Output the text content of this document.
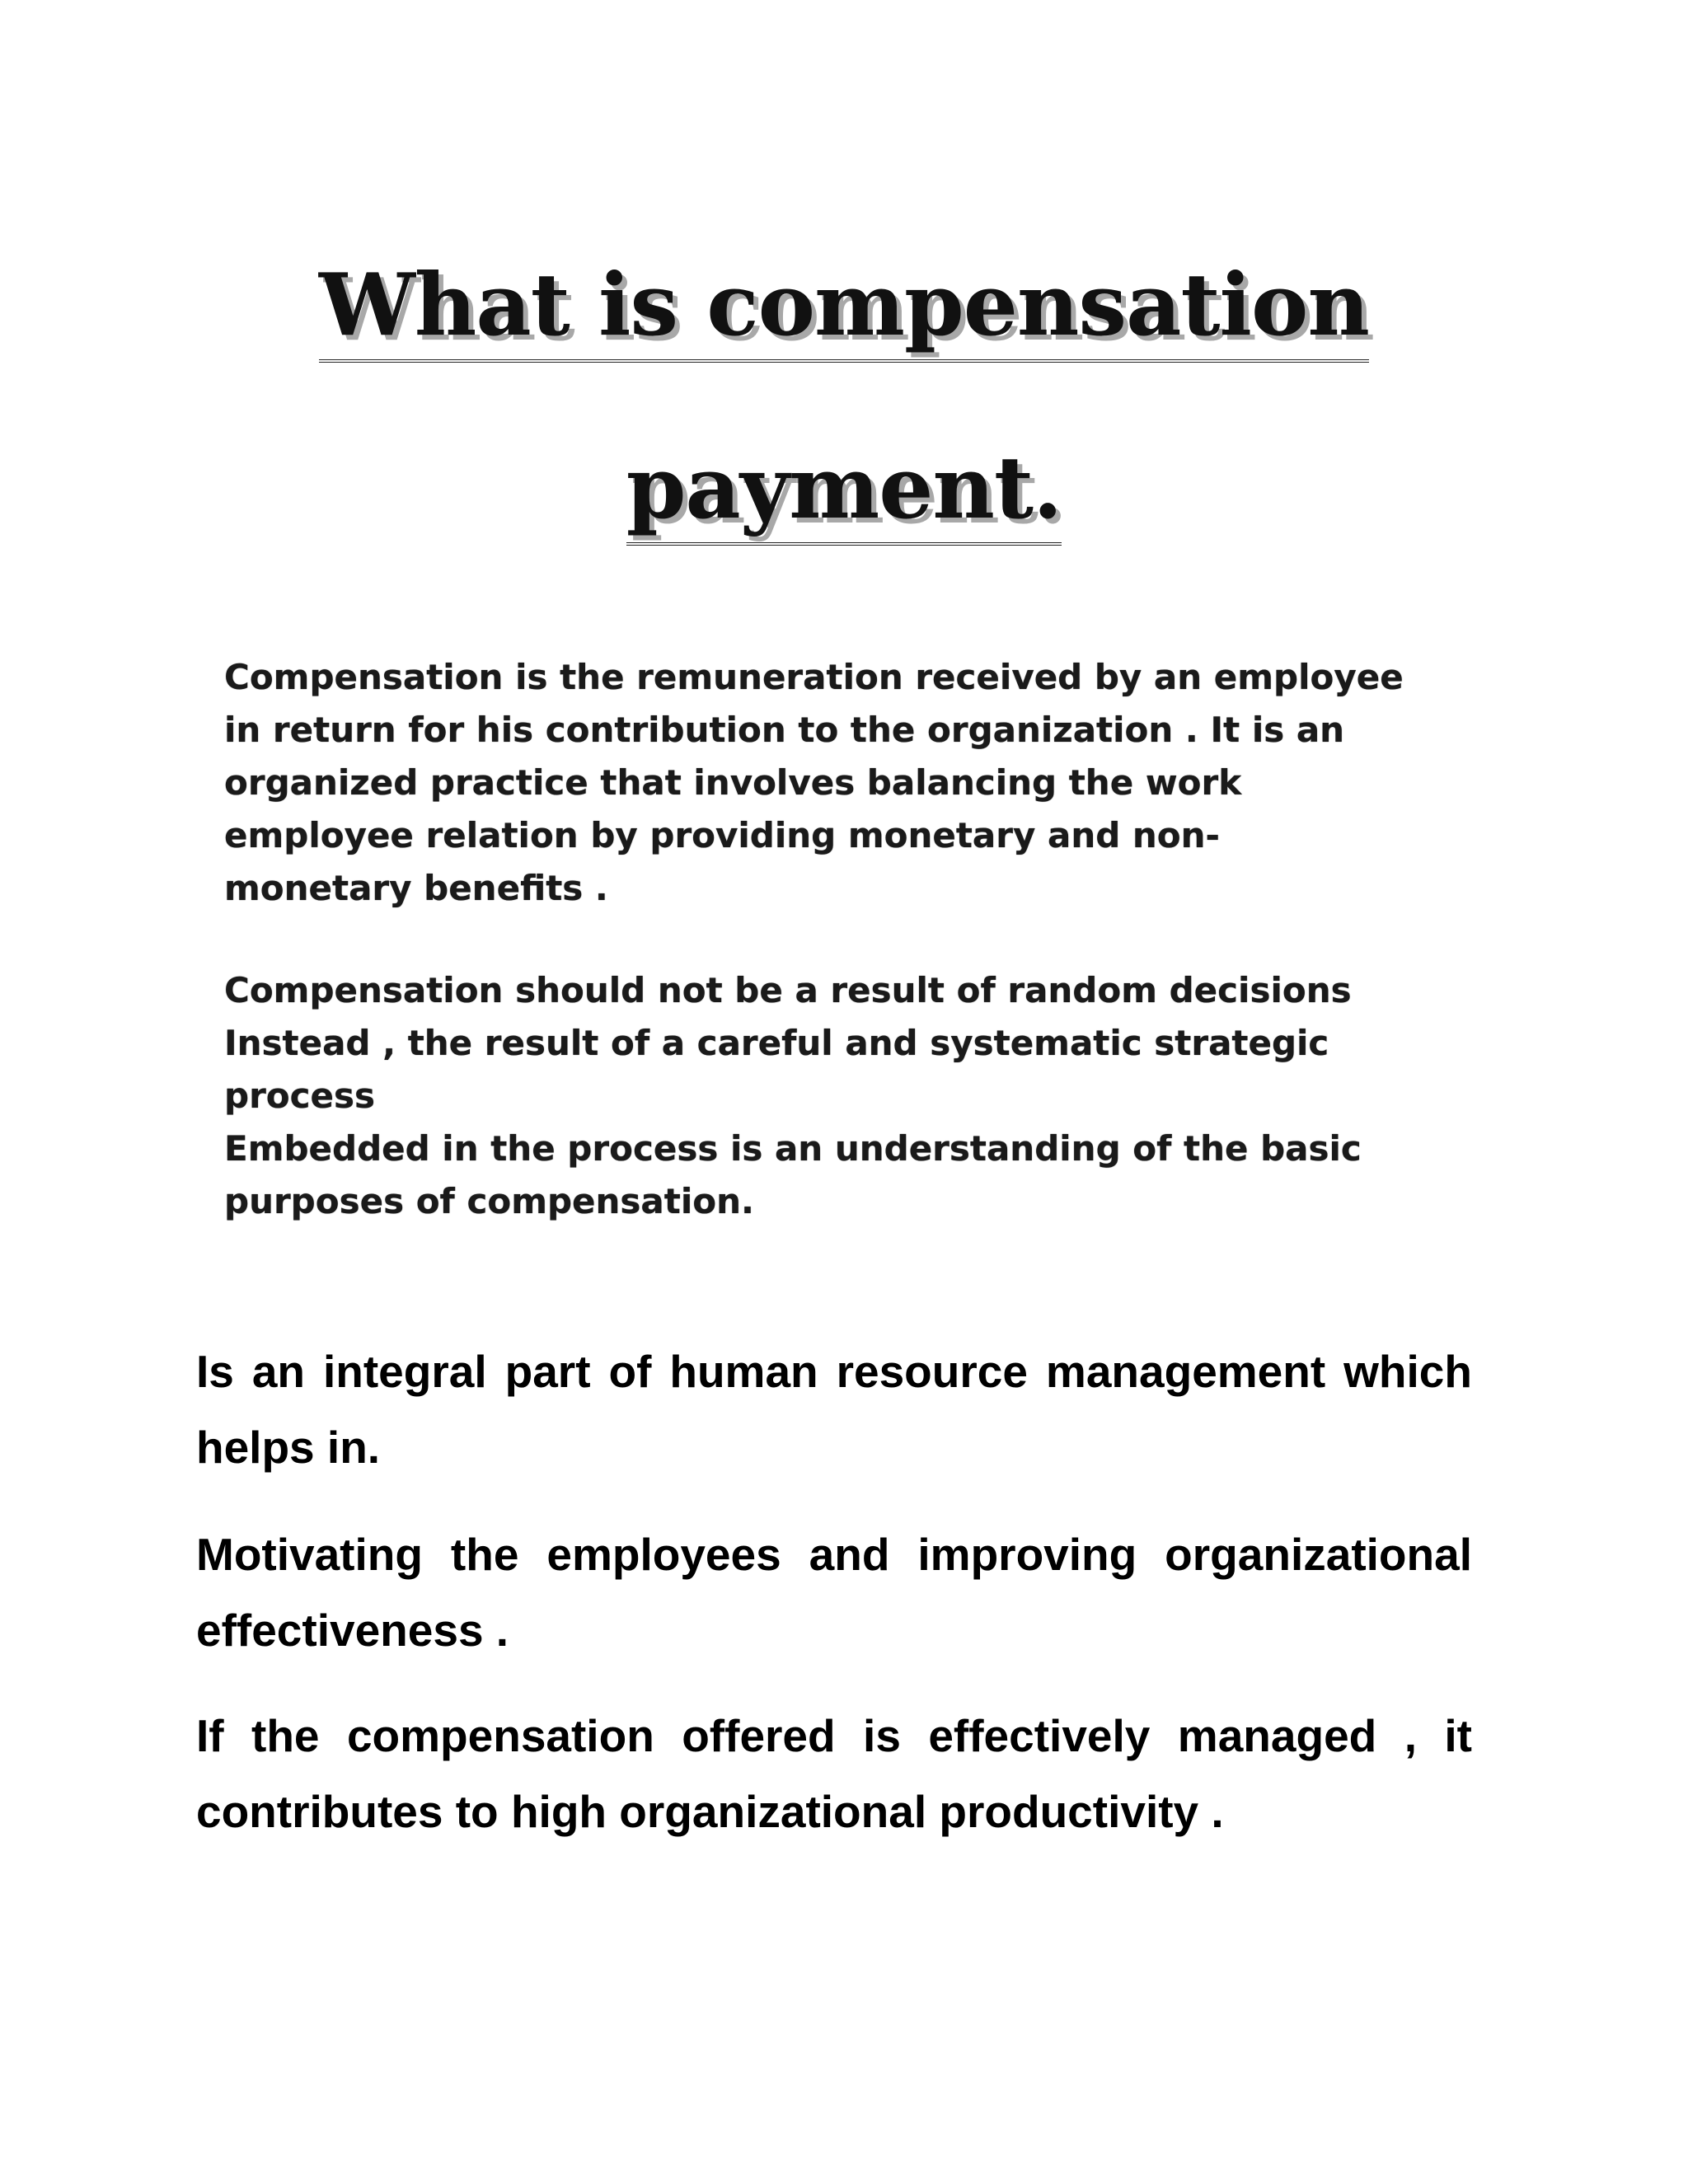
What is compensation
payment.

Compensation is the remuneration received by an employee

in return for his contribution to the organization . It is an

organized practice that involves balancing the work

employee relation by providing monetary and non-

monetary benefits .

Compensation should not be a result of random decisions

Instead , the result of a careful and systematic strategic

process

Embedded in the process is an understanding of the basic

purposes of compensation.

Is an integral part of human resource management which helps in.

Motivating the employees and improving organizational effectiveness .

If the compensation offered is effectively managed , it contributes to high organizational productivity .
